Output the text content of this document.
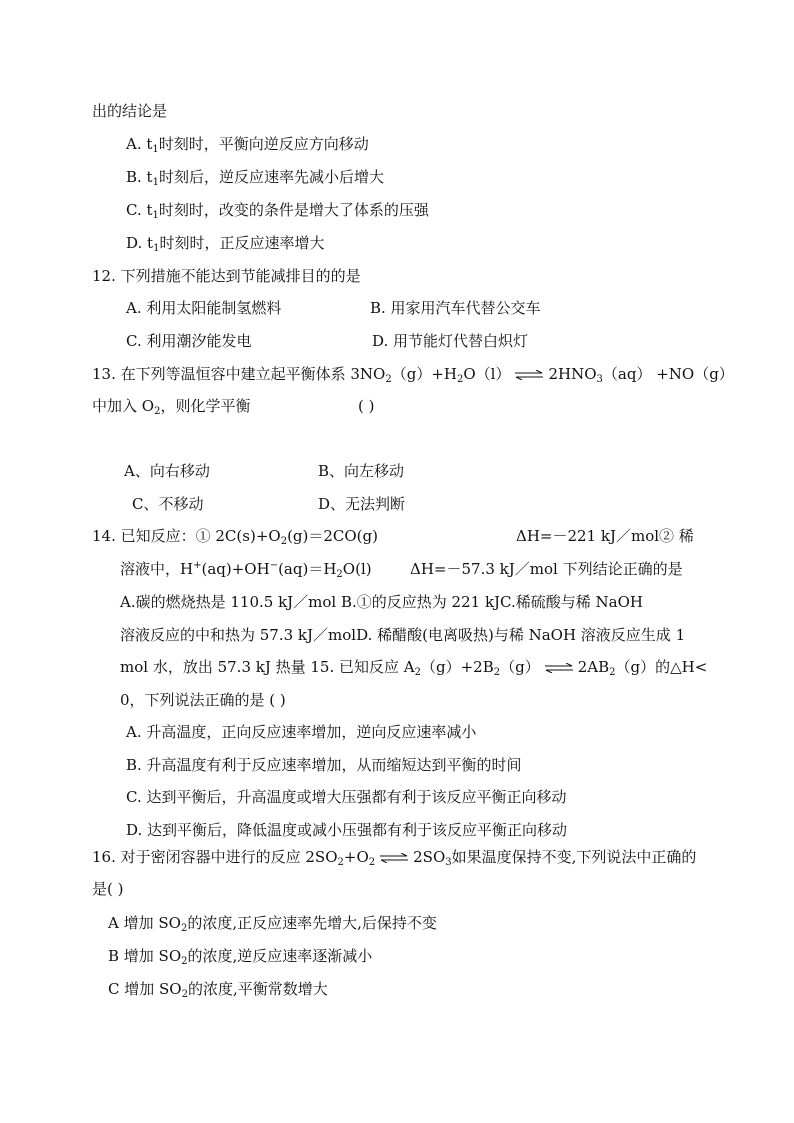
出的结论是
A. $t_1$时刻时，平衡向逆反应方向移动
B. $t_1$时刻后，逆反应速率先减小后增大
C. $t_1$时刻时，改变的条件是增大了体系的压强
D. $t_1$时刻时，正反应速率增大
12. 下列措施不能达到节能减排目的的是
A. 利用太阳能制氢燃料	B. 用家用汽车代替公交车
C. 利用潮汐能发电	D. 用节能灯代替白炽灯
13. 在下列等温恒容中建立起平衡体系 $3NO_2(g)+H_2O(l)$ ⇌ $2HNO_3(aq) +NO(g)$
中加入 $O_2$，则化学平衡	( )
A、向右移动	B、向左移动
C、不移动	D、无法判断
14. 已知反应：① $2C(s)+O_2(g)=2CO(g)$	ΔH=－221 kJ／mol② 稀
溶液中，$H^+(aq)+OH^-(aq)=H_2O(l)$	ΔH=－57.3 kJ／mol 下列结论正确的是
A.碳的燃烧热是 110.5 kJ／mol B.①的反应热为 221 kJC.稀硫酸与稀 NaOH
溶液反应的中和热为 57.3 kJ／molD. 稀醋酸(电离吸热)与稀 NaOH 溶液反应生成 1
mol 水，放出 57.3 kJ 热量 15. 已知反应 $A_2(g)+2B_2(g)$ ⇌ $2AB_2(g)$的△H<
0，下列说法正确的是 ( )
A. 升高温度，正向反应速率增加，逆向反应速率减小
B. 升高温度有利于反应速率增加，从而缩短达到平衡的时间
C. 达到平衡后，升高温度或增大压强都有利于该反应平衡正向移动
D. 达到平衡后，降低温度或减小压强都有利于该反应平衡正向移动
16. 对于密闭容器中进行的反应 $2SO_2+O_2$ ⇌ $2SO_3$如果温度保持不变,下列说法中正确的
是( )
A 增加 $SO_2$的浓度,正反应速率先增大,后保持不变
B 增加 $SO_2$的浓度,逆反应速率逐渐减小
C 增加 $SO_2$的浓度,平衡常数增大
